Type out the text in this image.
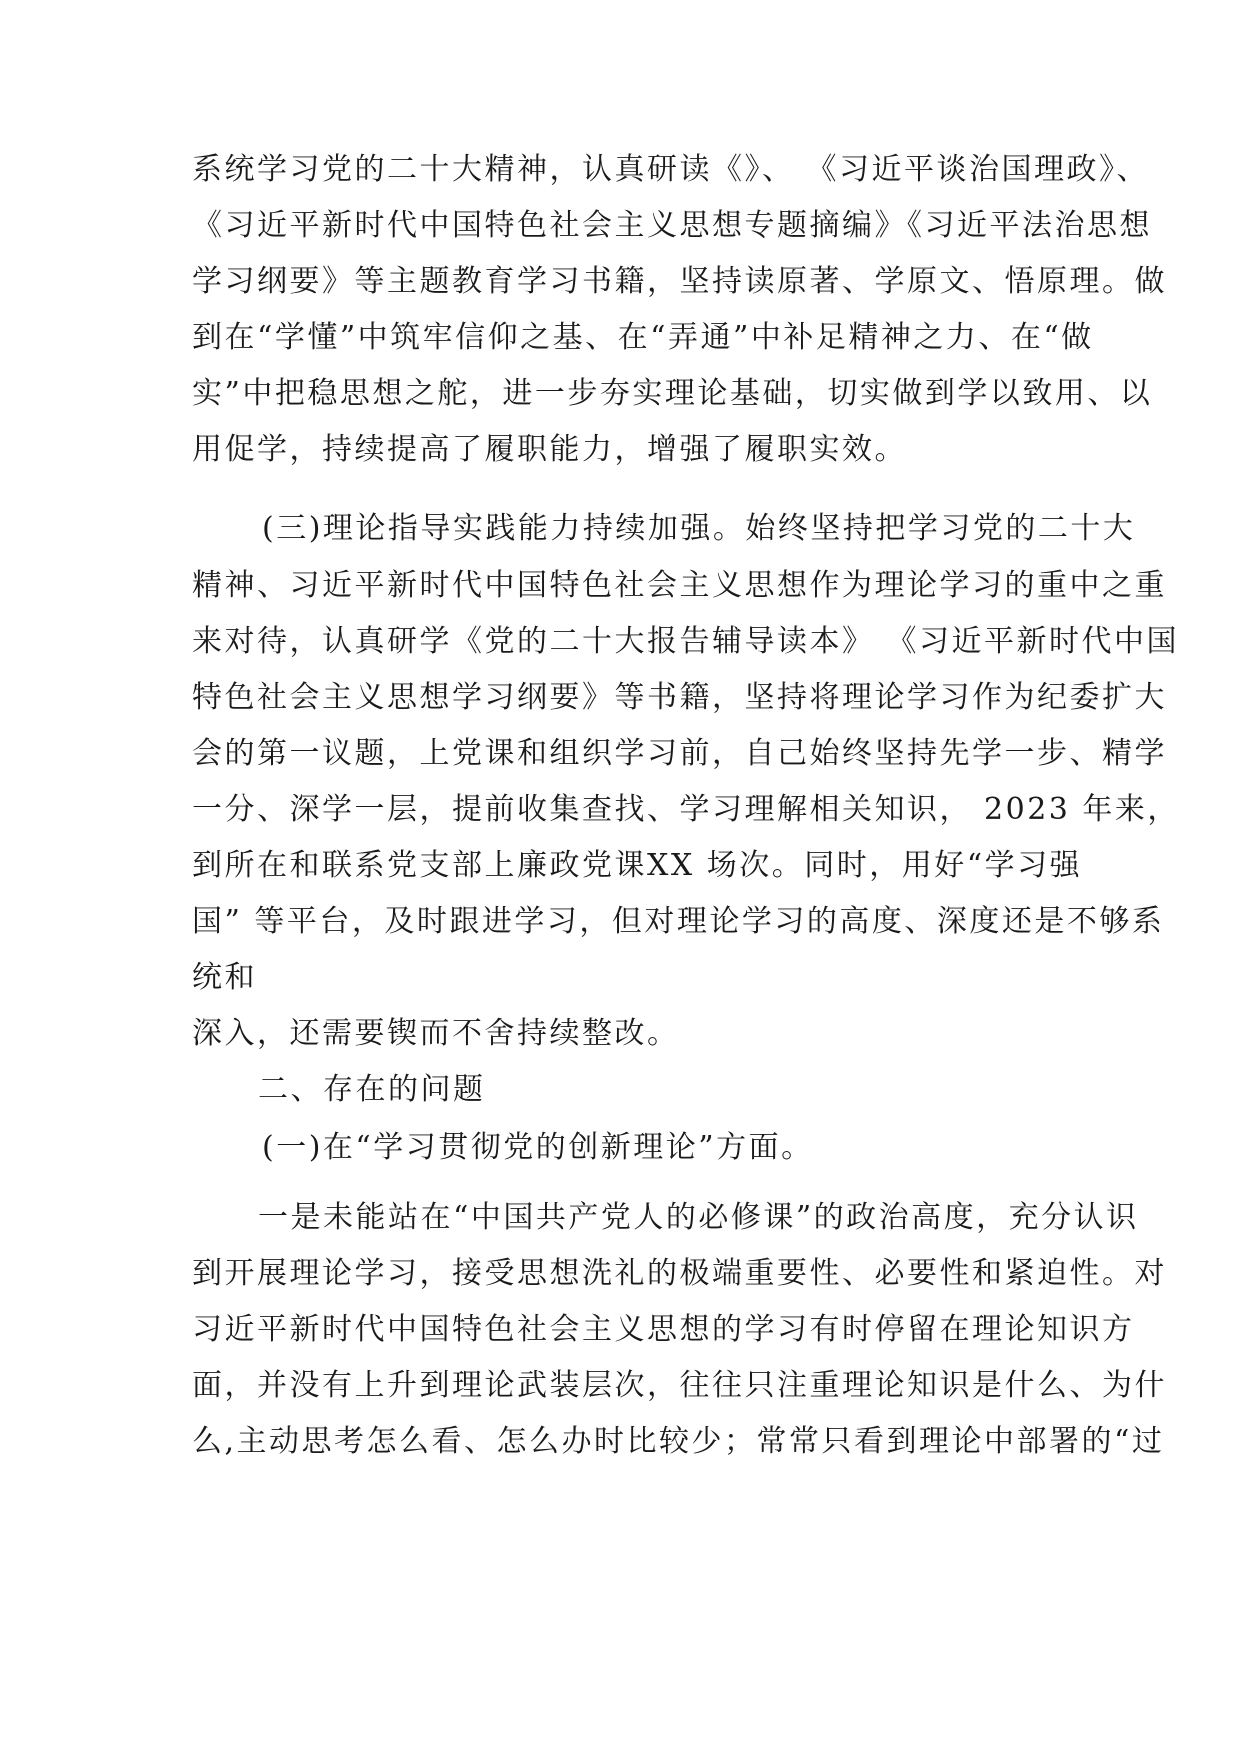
系统学习党的二十大精神，认真研读《》、 《习近平谈治国理政》、
《习近平新时代中国特色社会主义思想专题摘编》《习近平法治思想
学习纲要》等主题教育学习书籍，坚持读原著、学原文、悟原理。做
到在“学懂”中筑牢信仰之基、在“弄通”中补足精神之力、在“做
实”中把稳思想之舵，进一步夯实理论基础，切实做到学以致用、以
用促学，持续提高了履职能力，增强了履职实效。
(三)理论指导实践能力持续加强。始终坚持把学习党的二十大
精神、习近平新时代中国特色社会主义思想作为理论学习的重中之重
来对待，认真研学《党的二十大报告辅导读本》 《习近平新时代中国
特色社会主义思想学习纲要》等书籍，坚持将理论学习作为纪委扩大
会的第一议题，上党课和组织学习前，自己始终坚持先学一步、精学
一分、深学一层，提前收集查找、学习理解相关知识， 2023 年来，
到所在和联系党支部上廉政党课XX 场次。同时，用好“学习强
国” 等平台，及时跟进学习，但对理论学习的高度、深度还是不够系
统和
深入，还需要锲而不舍持续整改。
二、存在的问题
(一)在“学习贯彻党的创新理论”方面。
一是未能站在“中国共产党人的必修课”的政治高度，充分认识
到开展理论学习，接受思想洗礼的极端重要性、必要性和紧迫性。对
习近平新时代中国特色社会主义思想的学习有时停留在理论知识方
面，并没有上升到理论武装层次，往往只注重理论知识是什么、为什
么,主动思考怎么看、怎么办时比较少；常常只看到理论中部署的“过
